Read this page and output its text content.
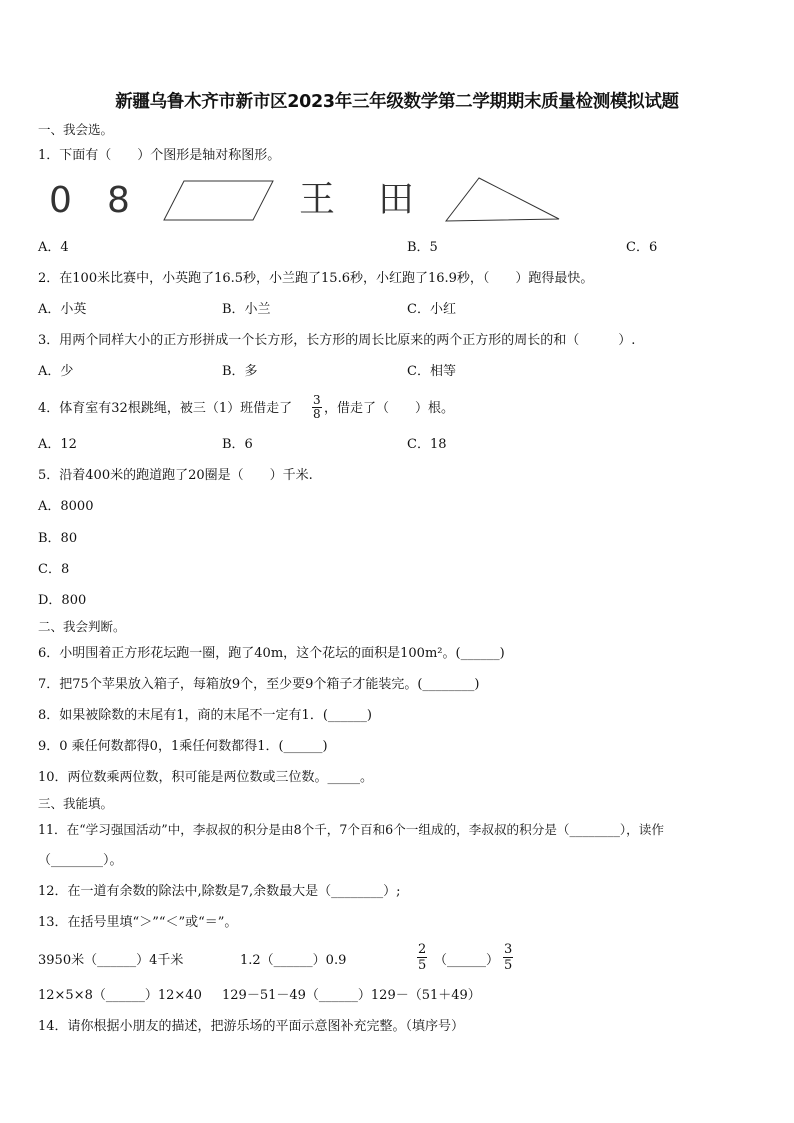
新疆乌鲁木齐市新市区2023年三年级数学第二学期期末质量检测模拟试题
一、我会选。
1．下面有（　　）个图形是轴对称图形。
0 8	王 田
A．4	B．5	C．6
2．在100米比赛中，小英跑了16.5秒，小兰跑了15.6秒，小红跑了16.9秒，（　　）跑得最快。
A．小英	B．小兰	C．小红
3．用两个同样大小的正方形拼成一个长方形，长方形的周长比原来的两个正方形的周长的和（　　　）.
A．少	B．多	C．相等
4．体育室有32根跳绳，被三（1）班借走了 $\frac{3}{8}$ ，借走了（　　）根。
A．12	B．6	C．18
5．沿着400米的跑道跑了20圈是（　　）千米.
A．8000
B．80
C．8
D．800
二、我会判断。
6．小明围着正方形花坛跑一圈，跑了40m，这个花坛的面积是100m²。(______)
7．把75个苹果放入箱子，每箱放9个，至少要9个箱子才能装完。(________)
8．如果被除数的末尾有1，商的末尾不一定有1．(______)
9．0 乘任何数都得0，1乘任何数都得1．(______)
10．两位数乘两位数，积可能是两位数或三位数。_____。
三、我能填。
11．在“学习强国活动”中，李叔叔的积分是由8个千，7个百和6个一组成的，李叔叔的积分是（________），读作
（________）。
12．在一道有余数的除法中,除数是7,余数最大是（________）;
13．在括号里填“＞”“＜”或“＝”。
3950米（______）4千米	1.2（______）0.9	$\frac{2}{5}$ （______） $\frac{3}{5}$
12×5×8（______）12×40 129－51－49（______）129－（51＋49）
14．请你根据小朋友的描述，把游乐场的平面示意图补充完整。（填序号）
